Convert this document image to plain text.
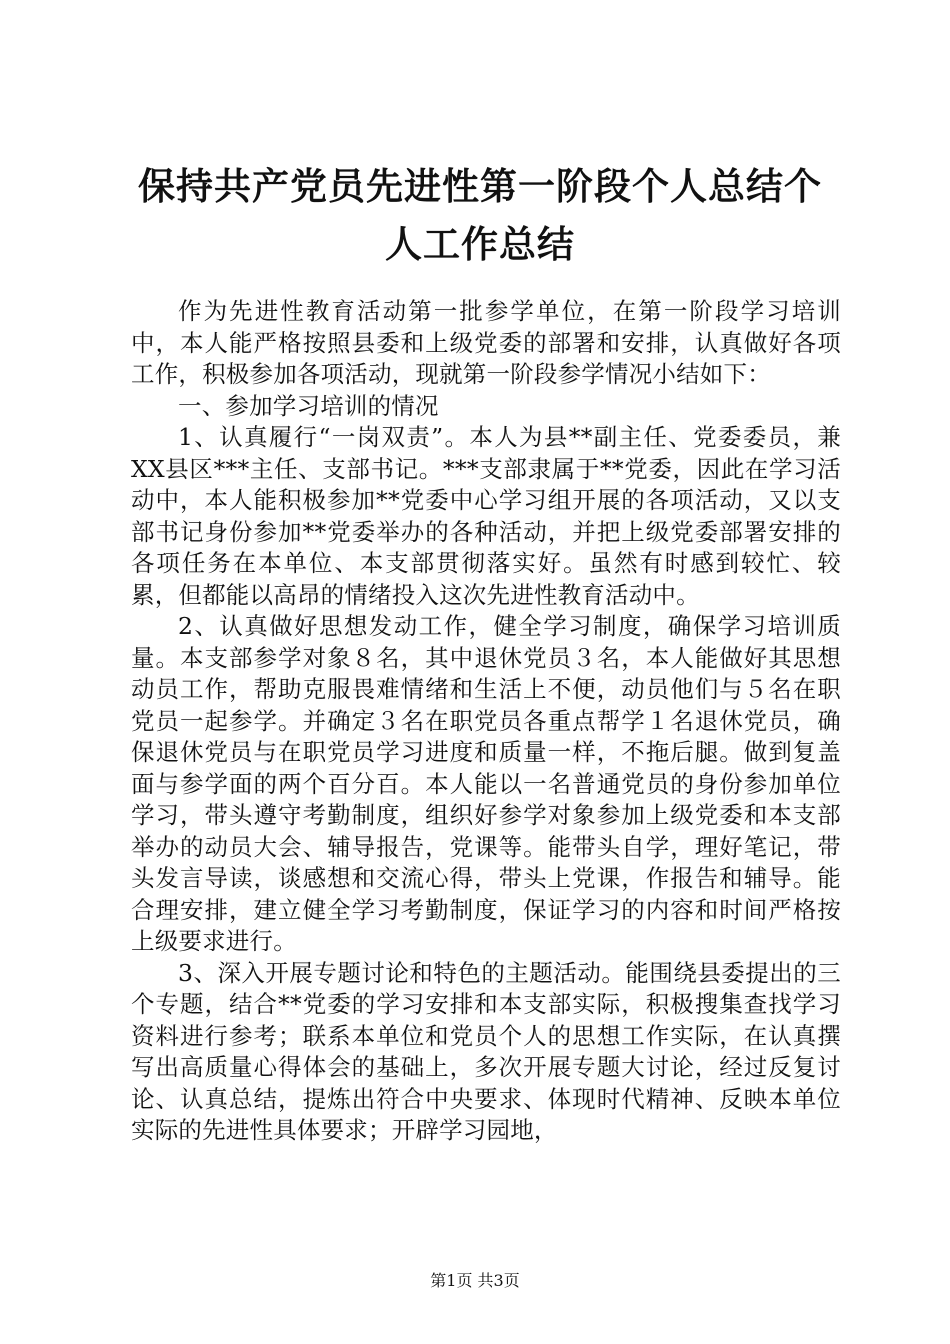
保持共产党员先进性第一阶段个人总结个人工作总结

作为先进性教育活动第一批参学单位，在第一阶段学习培训中，本人能严格按照县委和上级党委的部署和安排，认真做好各项工作，积极参加各项活动，现就第一阶段参学情况小结如下：

一、参加学习培训的情况

1、认真履行“一岗双责”。本人为县**副主任、党委委员，兼XX县区***主任、支部书记。***支部隶属于**党委，因此在学习活动中，本人能积极参加**党委中心学习组开展的各项活动，又以支部书记身份参加**党委举办的各种活动，并把上级党委部署安排的各项任务在本单位、本支部贯彻落实好。虽然有时感到较忙、较累，但都能以高昂的情绪投入这次先进性教育活动中。

2、认真做好思想发动工作，健全学习制度，确保学习培训质量。本支部参学对象８名，其中退休党员３名，本人能做好其思想动员工作，帮助克服畏难情绪和生活上不便，动员他们与５名在职党员一起参学。并确定３名在职党员各重点帮学１名退休党员，确保退休党员与在职党员学习进度和质量一样，不拖后腿。做到复盖面与参学面的两个百分百。本人能以一名普通党员的身份参加单位学习，带头遵守考勤制度，组织好参学对象参加上级党委和本支部举办的动员大会、辅导报告，党课等。能带头自学，理好笔记，带头发言导读，谈感想和交流心得，带头上党课，作报告和辅导。能合理安排，建立健全学习考勤制度，保证学习的内容和时间严格按上级要求进行。

3、深入开展专题讨论和特色的主题活动。能围绕县委提出的三个专题，结合**党委的学习安排和本支部实际，积极搜集查找学习资料进行参考；联系本单位和党员个人的思想工作实际，在认真撰写出高质量心得体会的基础上，多次开展专题大讨论，经过反复讨论、认真总结，提炼出符合中央要求、体现时代精神、反映本单位实际的先进性具体要求；开辟学习园地，

第1页 共3页
